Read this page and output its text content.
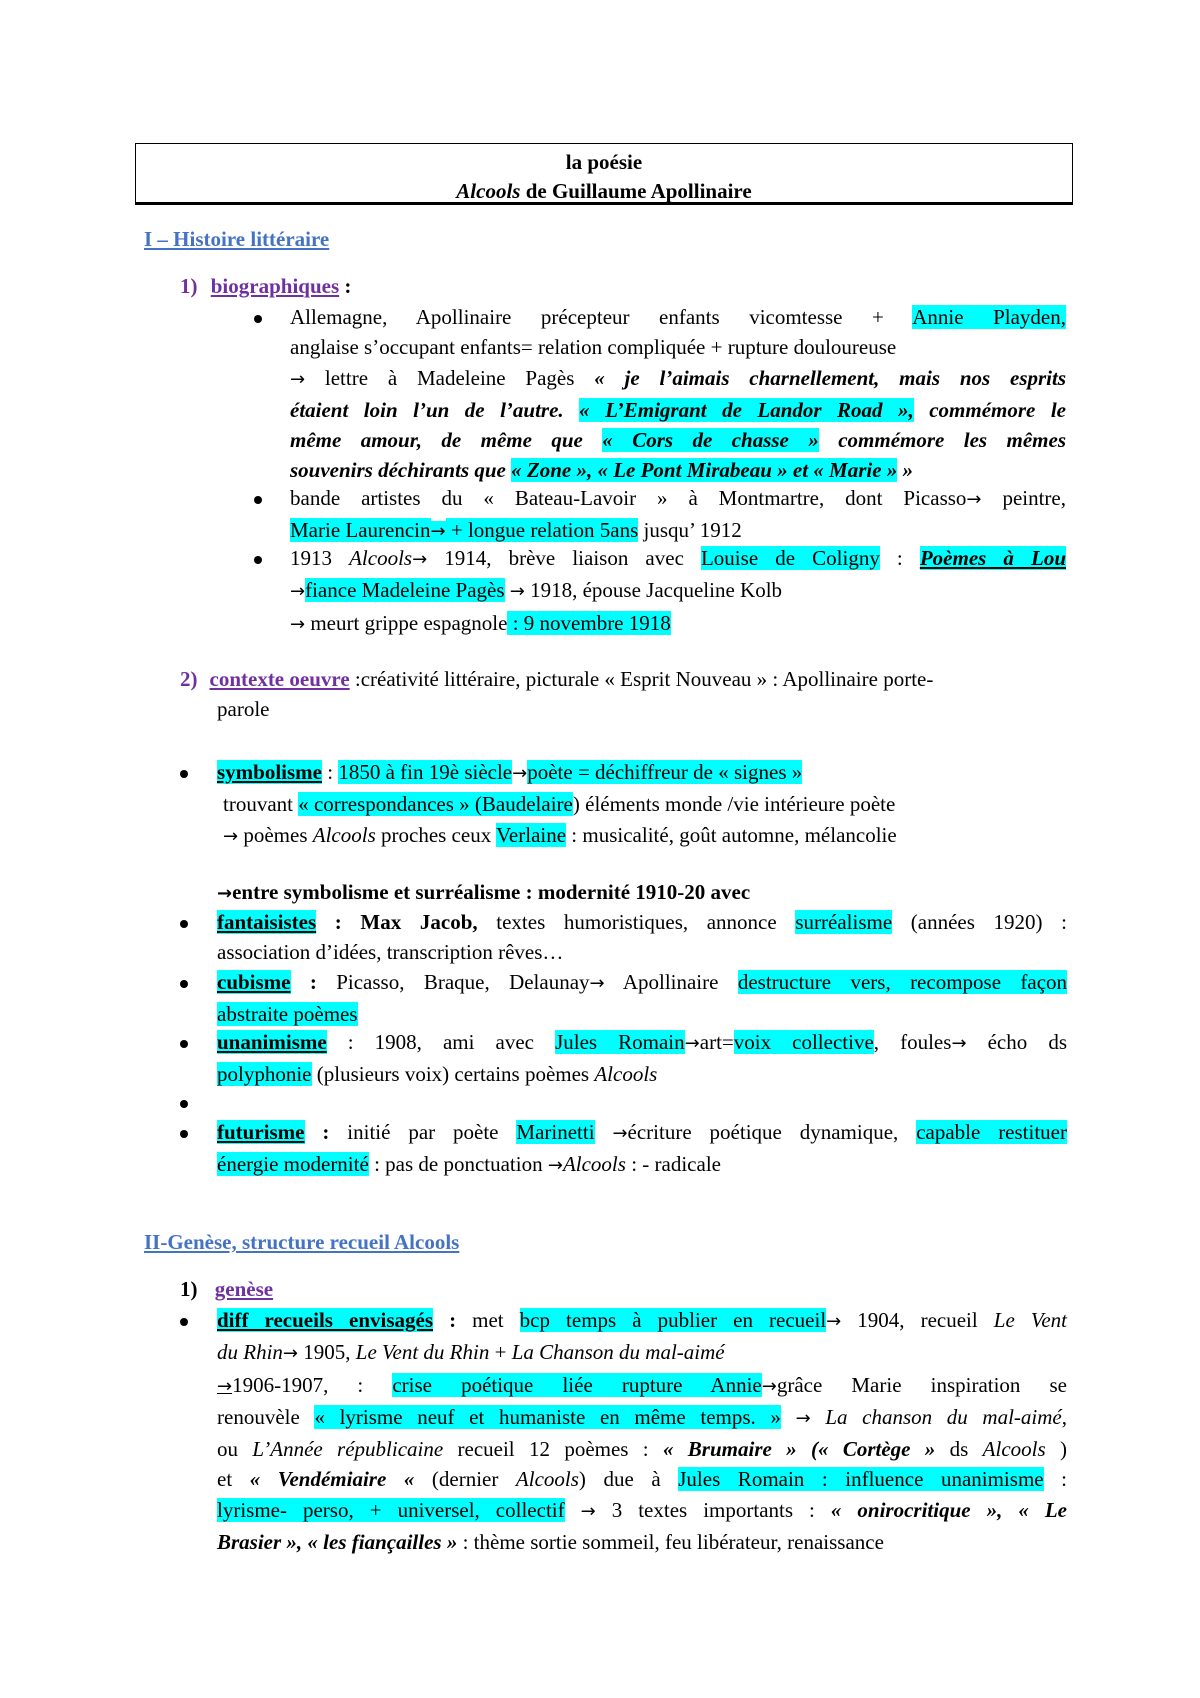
la poésie
Alcools de Guillaume Apollinaire
I – Histoire littéraire
1) biographiques :
Allemagne, Apollinaire précepteur enfants vicomtesse + Annie Playden,
anglaise s’occupant enfants= relation compliquée + rupture douloureuse
→ lettre à Madeleine Pagès « je l’aimais charnellement, mais nos esprits
étaient loin l’un de l’autre. « L’Emigrant de Landor Road », commémore le
même amour, de même que « Cors de chasse » commémore les mêmes
souvenirs déchirants que « Zone », « Le Pont Mirabeau » et « Marie » »
bande artistes du « Bateau-Lavoir » à Montmartre, dont Picasso→ peintre,
Marie Laurencin→ + longue relation 5ans jusqu’ 1912
1913 Alcools→ 1914, brève liaison avec Louise de Coligny : Poèmes à Lou
→fiance Madeleine Pagès → 1918, épouse Jacqueline Kolb
→ meurt grippe espagnole : 9 novembre 1918
2) contexte oeuvre :créativité littéraire, picturale « Esprit Nouveau » : Apollinaire porte-
parole
symbolisme : 1850 à fin 19è siècle→poète = déchiffreur de « signes »
trouvant « correspondances » (Baudelaire) éléments monde /vie intérieure poète
→ poèmes Alcools proches ceux Verlaine : musicalité, goût automne, mélancolie
→entre symbolisme et surréalisme : modernité 1910-20 avec
fantaisistes : Max Jacob, textes humoristiques, annonce surréalisme (années 1920) :
association d’idées, transcription rêves…
cubisme : Picasso, Braque, Delaunay→ Apollinaire destructure vers, recompose façon
abstraite poèmes
unanimisme : 1908, ami avec Jules Romain→art=voix collective, foules→ écho ds
polyphonie (plusieurs voix) certains poèmes Alcools
futurisme : initié par poète Marinetti →écriture poétique dynamique, capable restituer
énergie modernité : pas de ponctuation →Alcools : - radicale
II-Genèse, structure recueil Alcools
1) genèse
diff recueils envisagés : met bcp temps à publier en recueil→ 1904, recueil Le Vent
du Rhin→ 1905, Le Vent du Rhin + La Chanson du mal-aimé
→1906-1907, : crise poétique liée rupture Annie→grâce Marie inspiration se
renouvèle « lyrisme neuf et humaniste en même temps. » → La chanson du mal-aimé,
ou L’Année républicaine recueil 12 poèmes : « Brumaire » (« Cortège » ds Alcools )
et « Vendémiaire « (dernier Alcools) due à Jules Romain : influence unanimisme :
lyrisme- perso, + universel, collectif → 3 textes importants : « onirocritique », « Le
Brasier », « les fiançailles » : thème sortie sommeil, feu libérateur, renaissance
